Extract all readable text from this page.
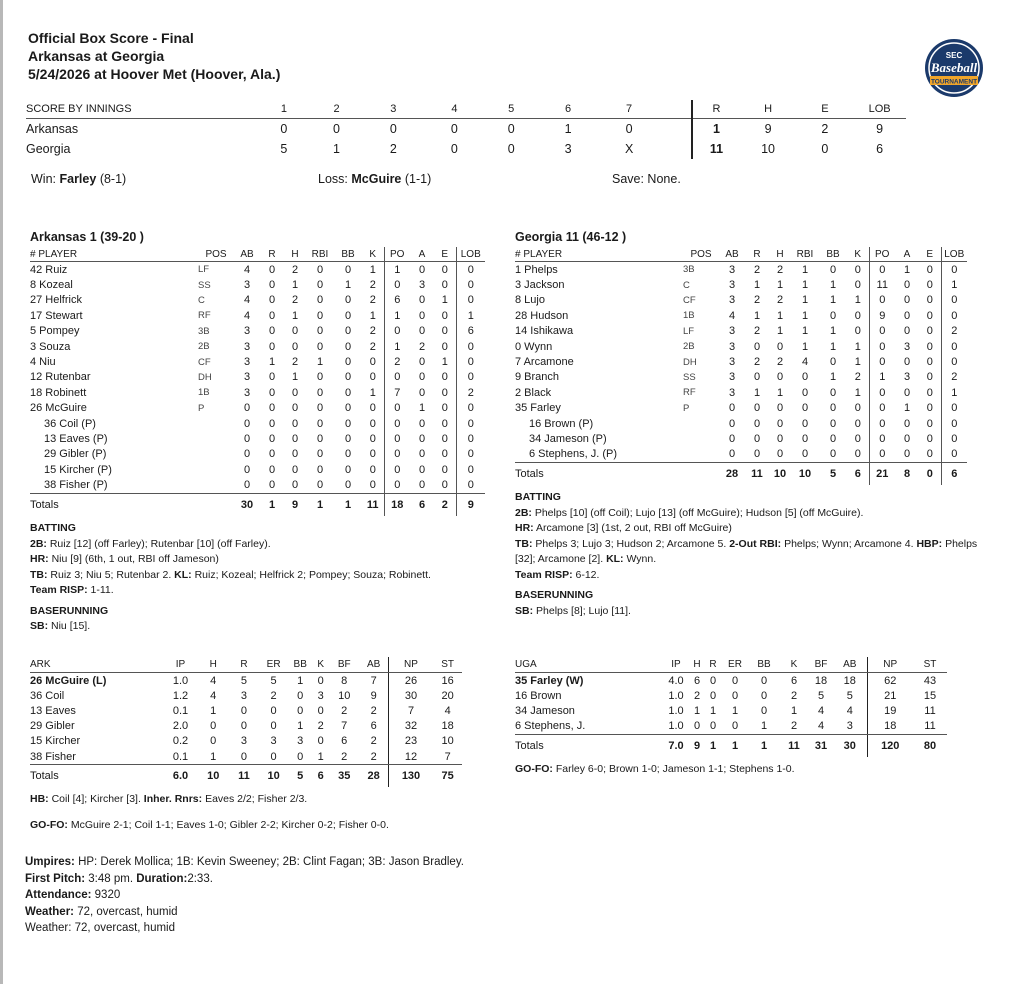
Official Box Score - Final
Arkansas at Georgia
5/24/2026 at Hoover Met (Hoover, Ala.)
SEC
Baseball
TOURNAMENT
SCORE BY INNINGS	1	2	3	4	5	6	7		R	H	E	LOB
Arkansas	0	0	0	0	0	1	0		1	9	2	9
Georgia	5	1	2	0	0	3	X		11	10	0	6
Win: Farley (8-1)	Loss: McGuire (1-1)	Save: None.
Arkansas 1 (39-20 )
# PLAYER	POS	AB	R	H	RBI	BB	K	PO	A	E	LOB
42 Ruiz	LF	4	0	2	0	0	1	1	0	0	0
8 Kozeal	SS	3	0	1	0	1	2	0	3	0	0
27 Helfrick	C	4	0	2	0	0	2	6	0	1	0
17 Stewart	RF	4	0	1	0	0	1	1	0	0	1
5 Pompey	3B	3	0	0	0	0	2	0	0	0	6
3 Souza	2B	3	0	0	0	0	2	1	2	0	0
4 Niu	CF	3	1	2	1	0	0	2	0	1	0
12 Rutenbar	DH	3	0	1	0	0	0	0	0	0	0
18 Robinett	1B	3	0	0	0	0	1	7	0	0	2
26 McGuire	P	0	0	0	0	0	0	0	1	0	0
36 Coil (P)		0	0	0	0	0	0	0	0	0	0
13 Eaves (P)		0	0	0	0	0	0	0	0	0	0
29 Gibler (P)		0	0	0	0	0	0	0	0	0	0
15 Kircher (P)		0	0	0	0	0	0	0	0	0	0
38 Fisher (P)		0	0	0	0	0	0	0	0	0	0
Totals		30	1	9	1	1	11	18	6	2	9
Georgia 11 (46-12 )
# PLAYER	POS	AB	R	H	RBI	BB	K	PO	A	E	LOB
1 Phelps	3B	3	2	2	1	0	0	0	1	0	0
3 Jackson	C	3	1	1	1	1	0	11	0	0	1
8 Lujo	CF	3	2	2	1	1	1	0	0	0	0
28 Hudson	1B	4	1	1	1	0	0	9	0	0	0
14 Ishikawa	LF	3	2	1	1	1	0	0	0	0	2
0 Wynn	2B	3	0	0	1	1	1	0	3	0	0
7 Arcamone	DH	3	2	2	4	0	1	0	0	0	0
9 Branch	SS	3	0	0	0	1	2	1	3	0	2
2 Black	RF	3	1	1	0	0	1	0	0	0	1
35 Farley	P	0	0	0	0	0	0	0	1	0	0
16 Brown (P)		0	0	0	0	0	0	0	0	0	0
34 Jameson (P)		0	0	0	0	0	0	0	0	0	0
6 Stephens, J. (P)		0	0	0	0	0	0	0	0	0	0
Totals		28	11	10	10	5	6	21	8	0	6
BATTING
2B: Ruiz [12] (off Farley); Rutenbar [10] (off Farley).
HR: Niu [9] (6th, 1 out, RBI off Jameson)
TB: Ruiz 3; Niu 5; Rutenbar 2. KL: Ruiz; Kozeal; Helfrick 2; Pompey; Souza; Robinett.
Team RISP: 1-11.
BASERUNNING
SB: Niu [15].
BATTING
2B: Phelps [10] (off Coil); Lujo [13] (off McGuire); Hudson [5] (off McGuire).
HR: Arcamone [3] (1st, 2 out, RBI off McGuire)
TB: Phelps 3; Lujo 3; Hudson 2; Arcamone 5. 2-Out RBI: Phelps; Wynn; Arcamone 4. HBP: Phelps [32]; Arcamone [2]. KL: Wynn.
Team RISP: 6-12.
BASERUNNING
SB: Phelps [8]; Lujo [11].
ARK	IP	H	R	ER	BB	K	BF	AB	NP	ST
26 McGuire (L)	1.0	4	5	5	1	0	8	7	26	16
36 Coil	1.2	4	3	2	0	3	10	9	30	20
13 Eaves	0.1	1	0	0	0	0	2	2	7	4
29 Gibler	2.0	0	0	0	1	2	7	6	32	18
15 Kircher	0.2	0	3	3	3	0	6	2	23	10
38 Fisher	0.1	1	0	0	0	1	2	2	12	7
Totals	6.0	10	11	10	5	6	35	28	130	75
UGA	IP	H	R	ER	BB	K	BF	AB	NP	ST
35 Farley (W)	4.0	6	0	0	0	6	18	18	62	43
16 Brown	1.0	2	0	0	0	2	5	5	21	15
34 Jameson	1.0	1	1	1	0	1	4	4	19	11
6 Stephens, J.	1.0	0	0	0	1	2	4	3	18	11
Totals	7.0	9	1	1	1	11	31	30	120	80
HB: Coil [4]; Kircher [3]. Inher. Rnrs: Eaves 2/2; Fisher 2/3.
GO-FO: McGuire 2-1; Coil 1-1; Eaves 1-0; Gibler 2-2; Kircher 0-2; Fisher 0-0.
GO-FO: Farley 6-0; Brown 1-0; Jameson 1-1; Stephens 1-0.
Umpires: HP: Derek Mollica; 1B: Kevin Sweeney; 2B: Clint Fagan; 3B: Jason Bradley.
First Pitch: 3:48 pm. Duration:2:33.
Attendance: 9320
Weather: 72, overcast, humid
Weather: 72, overcast, humid
